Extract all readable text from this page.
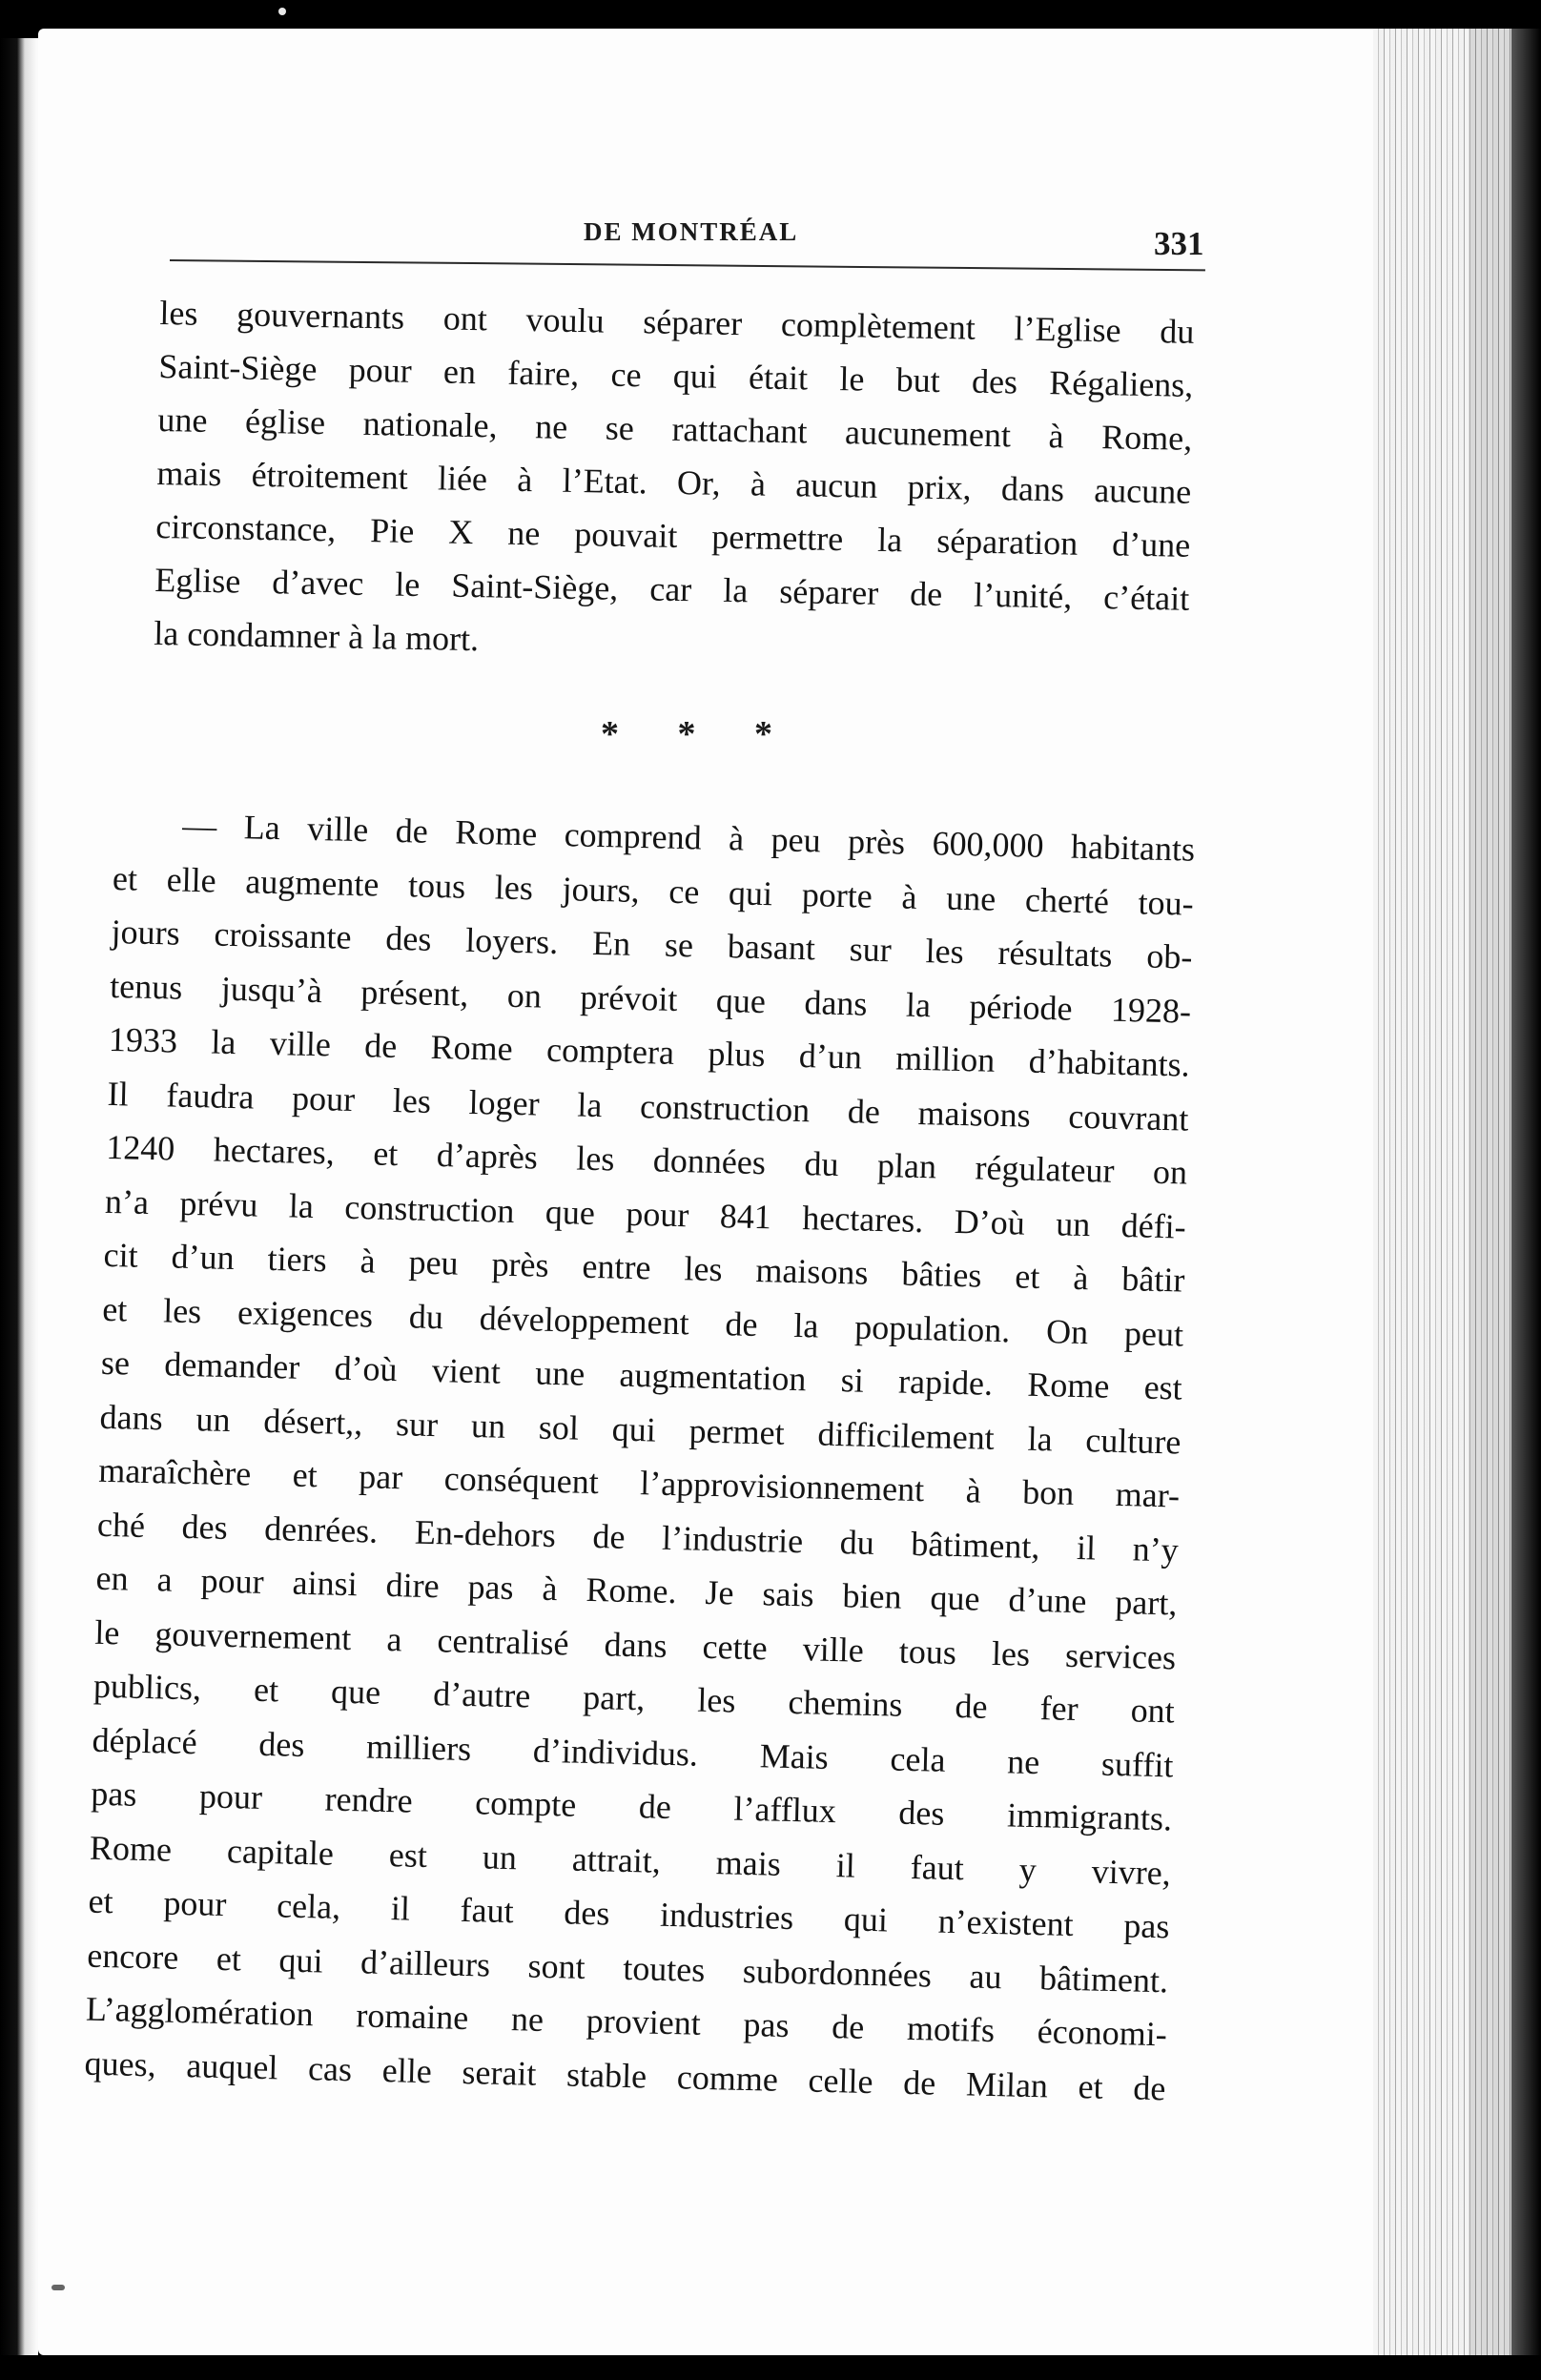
DE MONTRÉAL	331
les gouvernants ont voulu séparer complètement l’Eglise du
Saint-Siège pour en faire, ce qui était le but des Régaliens,
une église nationale, ne se rattachant aucunement à Rome,
mais étroitement liée à l’Etat. Or, à aucun prix, dans aucune
circonstance, Pie X ne pouvait permettre la séparation d’une
Eglise d’avec le Saint-Siège, car la séparer de l’unité, c’était
la condamner à la mort.
* * *
— La ville de Rome comprend à peu près 600,000 habitants
et elle augmente tous les jours, ce qui porte à une cherté tou-
jours croissante des loyers. En se basant sur les résultats ob-
tenus jusqu’à présent, on prévoit que dans la période 1928-
1933 la ville de Rome comptera plus d’un million d’habitants.
Il faudra pour les loger la construction de maisons couvrant
1240 hectares, et d’après les données du plan régulateur on
n’a prévu la construction que pour 841 hectares. D’où un défi-
cit d’un tiers à peu près entre les maisons bâties et à bâtir
et les exigences du développement de la population. On peut
se demander d’où vient une augmentation si rapide. Rome est
dans un désert,, sur un sol qui permet difficilement la culture
maraîchère et par conséquent l’approvisionnement à bon mar-
ché des denrées. En-dehors de l’industrie du bâtiment, il n’y
en a pour ainsi dire pas à Rome. Je sais bien que d’une part,
le gouvernement a centralisé dans cette ville tous les services
publics, et que d’autre part, les chemins de fer ont
déplacé des milliers d’individus. Mais cela ne suffit
pas pour rendre compte de l’afflux des immigrants.
Rome capitale est un attrait, mais il faut y vivre,
et pour cela, il faut des industries qui n’existent pas
encore et qui d’ailleurs sont toutes subordonnées au bâtiment.
L’agglomération romaine ne provient pas de motifs économi-
ques, auquel cas elle serait stable comme celle de Milan et de
